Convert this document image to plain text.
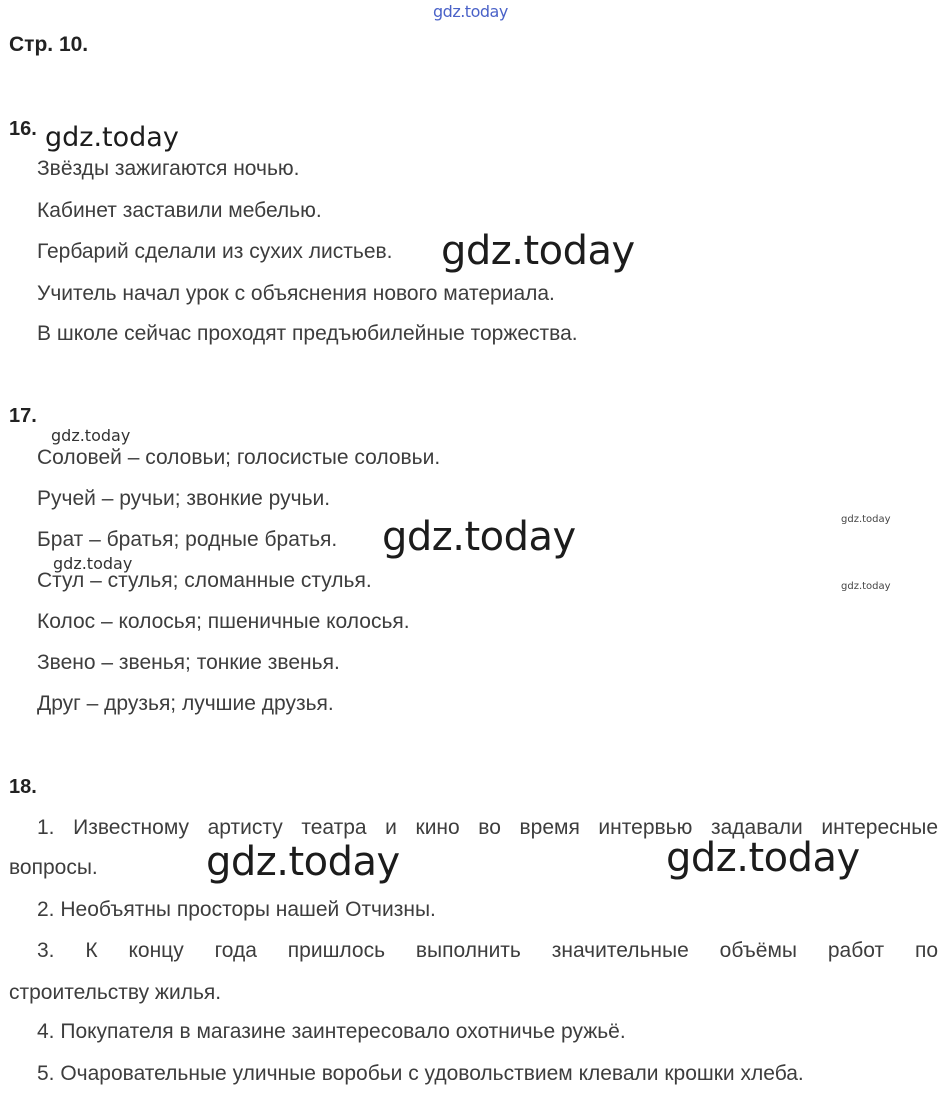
gdz.today
Стр. 10.
16. gdz.today
Звёзды зажигаются ночью.
Кабинет заставили мебелью.
Гербарий сделали из сухих листьев. gdz.today
Учитель начал урок с объяснения нового материала.
В школе сейчас проходят предъюбилейные торжества.
17.
gdz.today
Соловей – соловьи; голосистые соловьи.
Ручей – ручьи; звонкие ручьи.
gdz.today
Брат – братья; родные братья. gdz.today
gdz.today
Стул – стулья; сломанные стулья.	gdz.today
Колос – колосья; пшеничные колосья.
Звено – звенья; тонкие звенья.
Друг – друзья; лучшие друзья.
18.
1. Известному артисту театра и кино во время интервью задавали интересные
вопросы.	gdz.today	gdz.today
2. Необъятны просторы нашей Отчизны.
3. К концу года пришлось выполнить значительные объёмы работ по
строительству жилья.
4. Покупателя в магазине заинтересовало охотничье ружьё.
5. Очаровательные уличные воробьи с удовольствием клевали крошки хлеба.
